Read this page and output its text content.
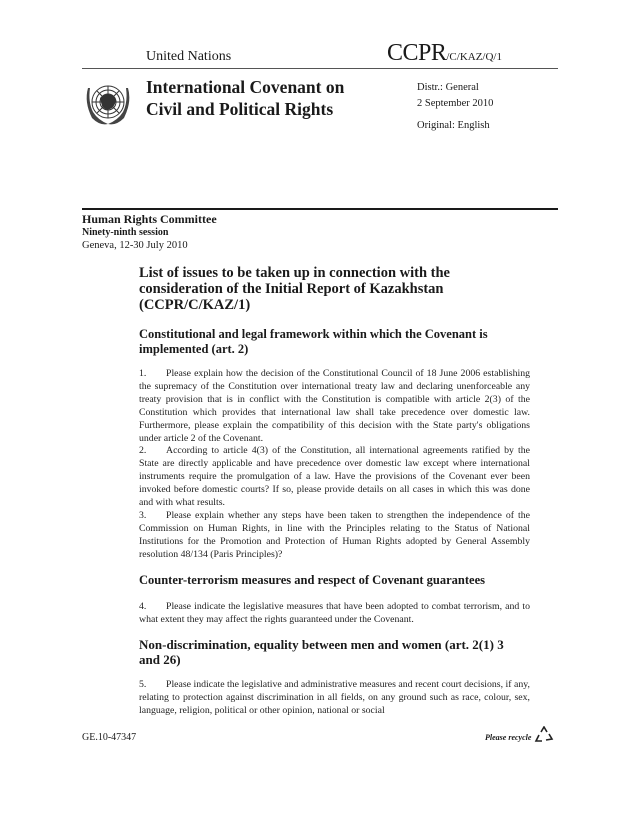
United Nations	CCPR/C/KAZ/Q/1
International Covenant on
Civil and Political Rights
Distr.: General
2 September 2010
Original: English
Human Rights Committee
Ninety-ninth session
Geneva, 12-30 July 2010
List of issues to be taken up in connection with the consideration of the Initial Report of Kazakhstan (CCPR/C/KAZ/1)
Constitutional and legal framework within which the Covenant is implemented (art. 2)
1. Please explain how the decision of the Constitutional Council of 18 June 2006 establishing the supremacy of the Constitution over international treaty law and declaring unenforceable any treaty provision that is in conflict with the Constitution is compatible with article 2(3) of the Constitution which provides that international law shall take precedence over domestic law. Furthermore, please explain the compatibility of this decision with the State party's obligations under article 2 of the Covenant.
2. According to article 4(3) of the Constitution, all international agreements ratified by the State are directly applicable and have precedence over domestic law except where international instruments require the promulgation of a law. Have the provisions of the Covenant ever been invoked before domestic courts? If so, please provide details on all cases in which this was done and with what results.
3. Please explain whether any steps have been taken to strengthen the independence of the Commission on Human Rights, in line with the Principles relating to the Status of National Institutions for the Promotion and Protection of Human Rights adopted by General Assembly resolution 48/134 (Paris Principles)?
Counter-terrorism measures and respect of Covenant guarantees
4. Please indicate the legislative measures that have been adopted to combat terrorism, and to what extent they may affect the rights guaranteed under the Covenant.
Non-discrimination, equality between men and women (art. 2(1) 3 and 26)
5. Please indicate the legislative and administrative measures and recent court decisions, if any, relating to protection against discrimination in all fields, on any ground such as race, colour, sex, language, religion, political or other opinion, national or social
GE.10-47347	Please recycle
